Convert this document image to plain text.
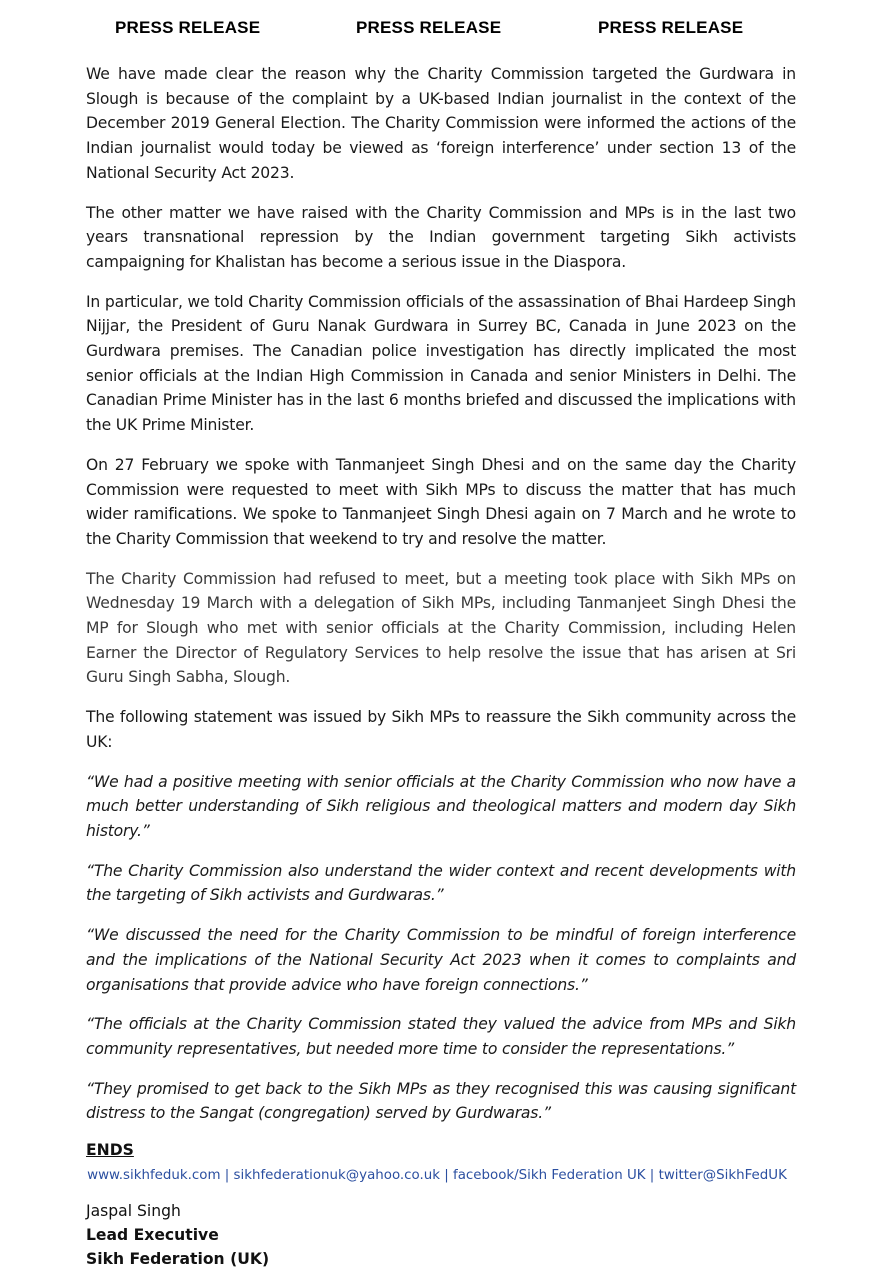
PRESS RELEASE	PRESS RELEASE	PRESS RELEASE

We have made clear the reason why the Charity Commission targeted the Gurdwara in Slough is because of the complaint by a UK-based Indian journalist in the context of the December 2019 General Election. The Charity Commission were informed the actions of the Indian journalist would today be viewed as ‘foreign interference’ under section 13 of the National Security Act 2023.

The other matter we have raised with the Charity Commission and MPs is in the last two years transnational repression by the Indian government targeting Sikh activists campaigning for Khalistan has become a serious issue in the Diaspora.

In particular, we told Charity Commission officials of the assassination of Bhai Hardeep Singh Nijjar, the President of Guru Nanak Gurdwara in Surrey BC, Canada in June 2023 on the Gurdwara premises. The Canadian police investigation has directly implicated the most senior officials at the Indian High Commission in Canada and senior Ministers in Delhi. The Canadian Prime Minister has in the last 6 months briefed and discussed the implications with the UK Prime Minister.

On 27 February we spoke with Tanmanjeet Singh Dhesi and on the same day the Charity Commission were requested to meet with Sikh MPs to discuss the matter that has much wider ramifications. We spoke to Tanmanjeet Singh Dhesi again on 7 March and he wrote to the Charity Commission that weekend to try and resolve the matter.

The Charity Commission had refused to meet, but a meeting took place with Sikh MPs on Wednesday 19 March with a delegation of Sikh MPs, including Tanmanjeet Singh Dhesi the MP for Slough who met with senior officials at the Charity Commission, including Helen Earner the Director of Regulatory Services to help resolve the issue that has arisen at Sri Guru Singh Sabha, Slough.

The following statement was issued by Sikh MPs to reassure the Sikh community across the UK:

“We had a positive meeting with senior officials at the Charity Commission who now have a much better understanding of Sikh religious and theological matters and modern day Sikh history.”

“The Charity Commission also understand the wider context and recent developments with the targeting of Sikh activists and Gurdwaras.”

“We discussed the need for the Charity Commission to be mindful of foreign interference and the implications of the National Security Act 2023 when it comes to complaints and organisations that provide advice who have foreign connections.”

“The officials at the Charity Commission stated they valued the advice from MPs and Sikh community representatives, but needed more time to consider the representations.”

“They promised to get back to the Sikh MPs as they recognised this was causing significant distress to the Sangat (congregation) served by Gurdwaras.”

ENDS
Jaspal Singh
Lead Executive
Sikh Federation (UK)
www.sikhfeduk.com | sikhfederationuk@yahoo.co.uk | facebook/Sikh Federation UK | twitter@SikhFedUK
